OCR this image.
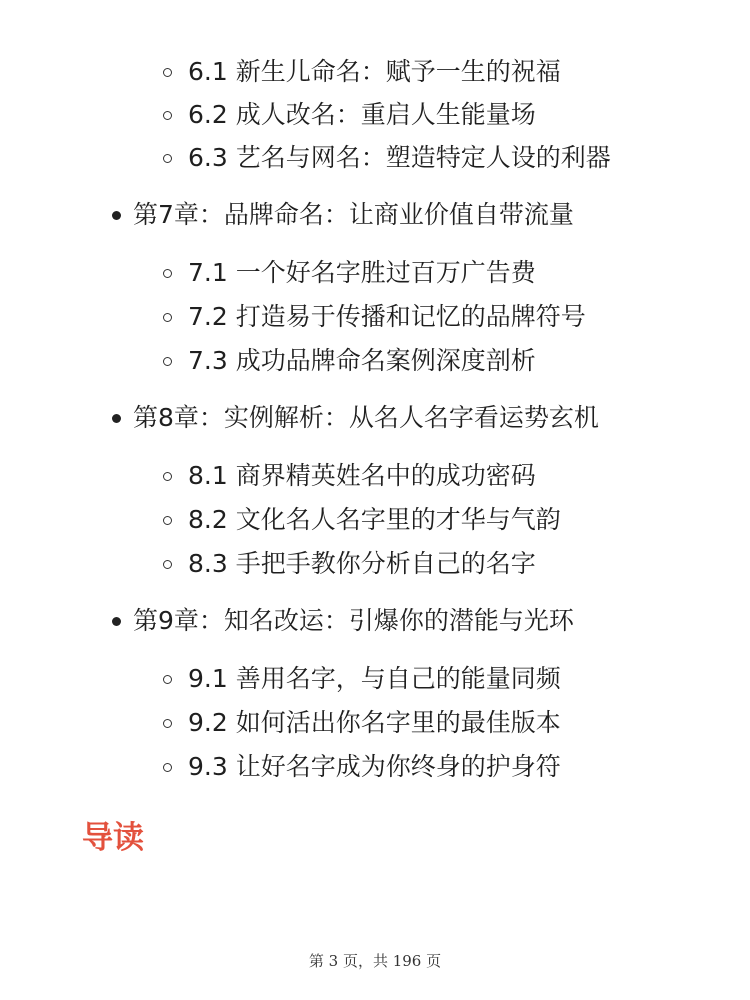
6.1 新生儿命名：赋予一生的祝福
6.2 成人改名：重启人生能量场
6.3 艺名与网名：塑造特定人设的利器
第7章：品牌命名：让商业价值自带流量
7.1 一个好名字胜过百万广告费
7.2 打造易于传播和记忆的品牌符号
7.3 成功品牌命名案例深度剖析
第8章：实例解析：从名人名字看运势玄机
8.1 商界精英姓名中的成功密码
8.2 文化名人名字里的才华与气韵
8.3 手把手教你分析自己的名字
第9章：知名改运：引爆你的潜能与光环
9.1 善用名字，与自己的能量同频
9.2 如何活出你名字里的最佳版本
9.3 让好名字成为你终身的护身符
导读
第 3 页，共 196 页
